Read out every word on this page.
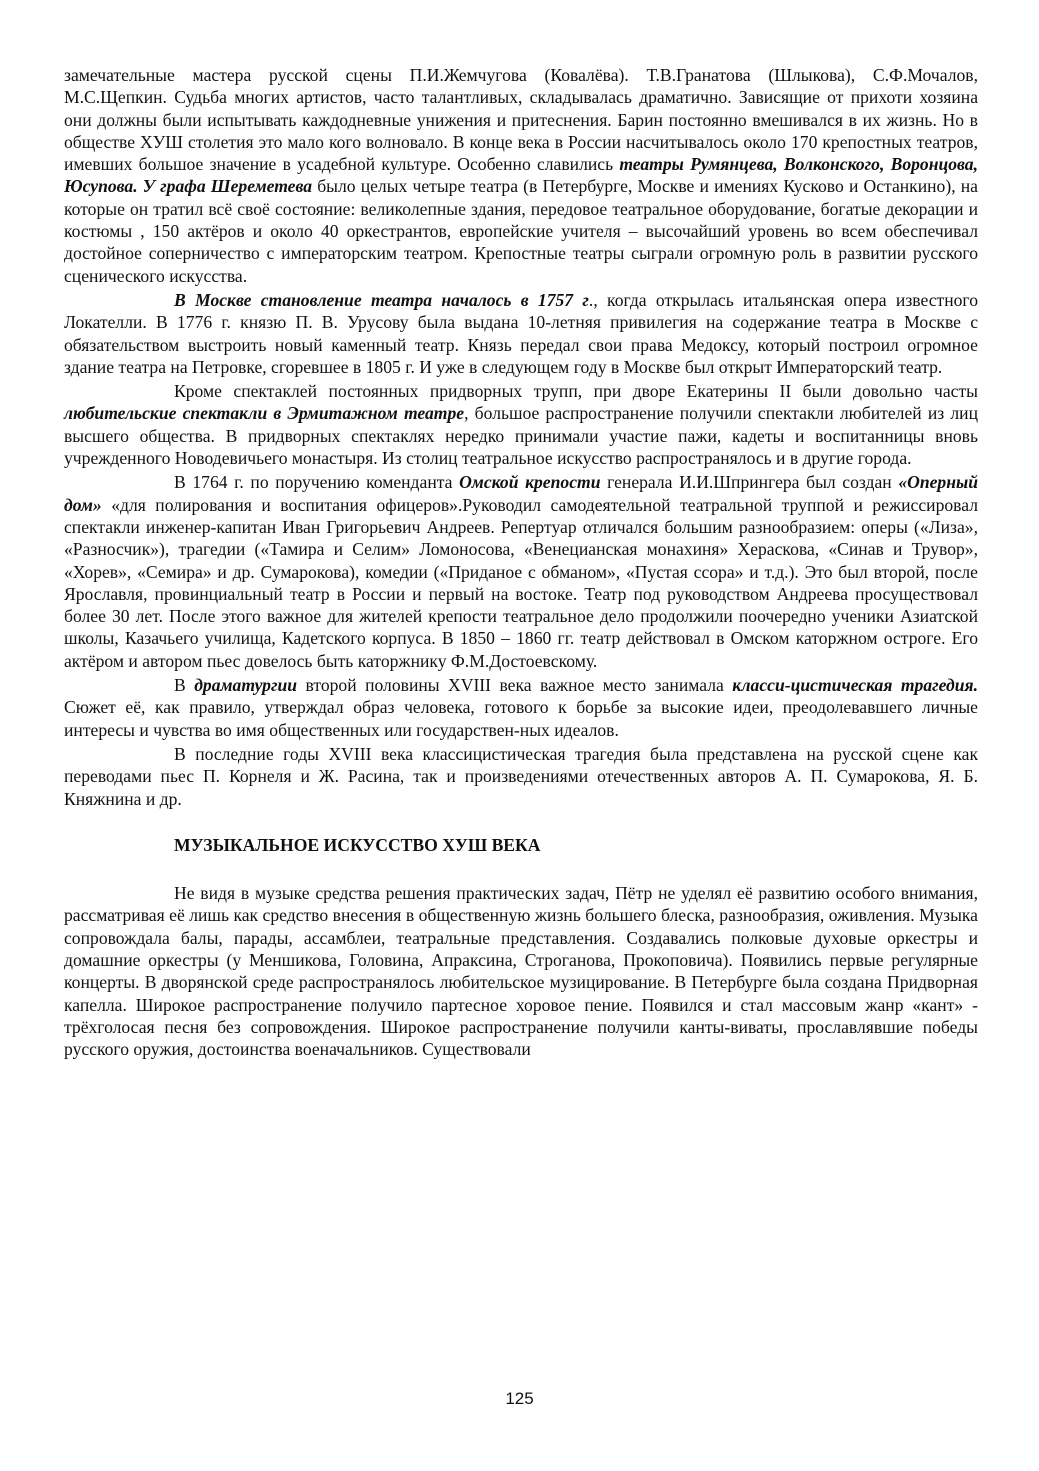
замечательные мастера русской сцены П.И.Жемчугова (Ковалёва). Т.В.Гранатова (Шлыкова), С.Ф.Мочалов, М.С.Щепкин. Судьба многих артистов, часто талантливых, складывалась драматично. Зависящие от прихоти хозяина они должны были испытывать каждодневные унижения и притеснения. Барин постоянно вмешивался в их жизнь. Но в обществе ХУШ столетия это мало кого волновало. В конце века в России насчитывалось около 170 крепостных театров, имевших большое значение в усадебной культуре. Особенно славились театры Румянцева, Волконского, Воронцова, Юсупова. У графа Шереметева было целых четыре театра (в Петербурге, Москве и имениях Кусково и Останкино), на которые он тратил всё своё состояние: великолепные здания, передовое театральное оборудование, богатые декорации и костюмы , 150 актёров и около 40 оркестрантов, европейские учителя – высочайший уровень во всем обеспечивал достойное соперничество с императорским театром. Крепостные театры сыграли огромную роль в развитии русского сценического искусства.

В Москве становление театра началось в 1757 г., когда открылась итальянская опера известного Локателли. В 1776 г. князю П. В. Урусову была выдана 10-летняя привилегия на содержание театра в Москве с обязательством выстроить новый каменный театр. Князь передал свои права Медоксу, который построил огромное здание театра на Петровке, сгоревшее в 1805 г. И уже в следующем году в Москве был открыт Императорский театр.

Кроме спектаклей постоянных придворных трупп, при дворе Екатерины II были довольно часты любительские спектакли в Эрмитажном театре, большое распространение получили спектакли любителей из лиц высшего общества. В придворных спектаклях нередко принимали участие пажи, кадеты и воспитанницы вновь учрежденного Новодевичьего монастыря. Из столиц театральное искусство распространялось и в другие города.

В 1764 г. по поручению коменданта Омской крепости генерала И.И.Шпрингера был создан «Оперный дом» «для полирования и воспитания офицеров».Руководил самодеятельной театральной труппой и режиссировал спектакли инженер-капитан Иван Григорьевич Андреев. Репертуар отличался большим разнообразием: оперы («Лиза», «Разносчик»), трагедии («Тамира и Селим» Ломоносова, «Венецианская монахиня» Хераскова, «Синав и Трувор», «Хорев», «Семира» и др. Сумарокова), комедии («Приданое с обманом», «Пустая ссора» и т.д.). Это был второй, после Ярославля, провинциальный театр в России и первый на востоке. Театр под руководством Андреева просуществовал более 30 лет. После этого важное для жителей крепости театральное дело продолжили поочередно ученики Азиатской школы, Казачьего училища, Кадетского корпуса. В 1850 – 1860 гг. театр действовал в Омском каторжном остроге. Его актёром и автором пьес довелось быть каторжнику Ф.М.Достоевскому.

В драматургии второй половины XVIII века важное место занимала класси-цистическая трагедия. Сюжет её, как правило, утверждал образ человека, готового к борьбе за высокие идеи, преодолевавшего личные интересы и чувства во имя общественных или государствен-ных идеалов.

В последние годы XVIII века классицистическая трагедия была представлена на русской сцене как переводами пьес П. Корнеля и Ж. Расина, так и произведениями отечественных авторов А. П. Сумарокова, Я. Б. Княжнина и др.

МУЗЫКАЛЬНОЕ ИСКУССТВО ХУШ ВЕКА

Не видя в музыке средства решения практических задач, Пётр не уделял её развитию особого внимания, рассматривая её лишь как средство внесения в общественную жизнь большего блеска, разнообразия, оживления. Музыка сопровождала балы, парады, ассамблеи, театральные представления. Создавались полковые духовые оркестры и домашние оркестры (у Меншикова, Головина, Апраксина, Строганова, Прокоповича). Появились первые регулярные концерты. В дворянской среде распространялось любительское музицирование. В Петербурге была создана Придворная капелла. Широкое распространение получило партесное хоровое пение. Появился и стал массовым жанр «кант» - трёхголосая песня без сопровождения. Широкое распространение получили канты-виваты, прославлявшие победы русского оружия, достоинства военачальников. Существовали

125
